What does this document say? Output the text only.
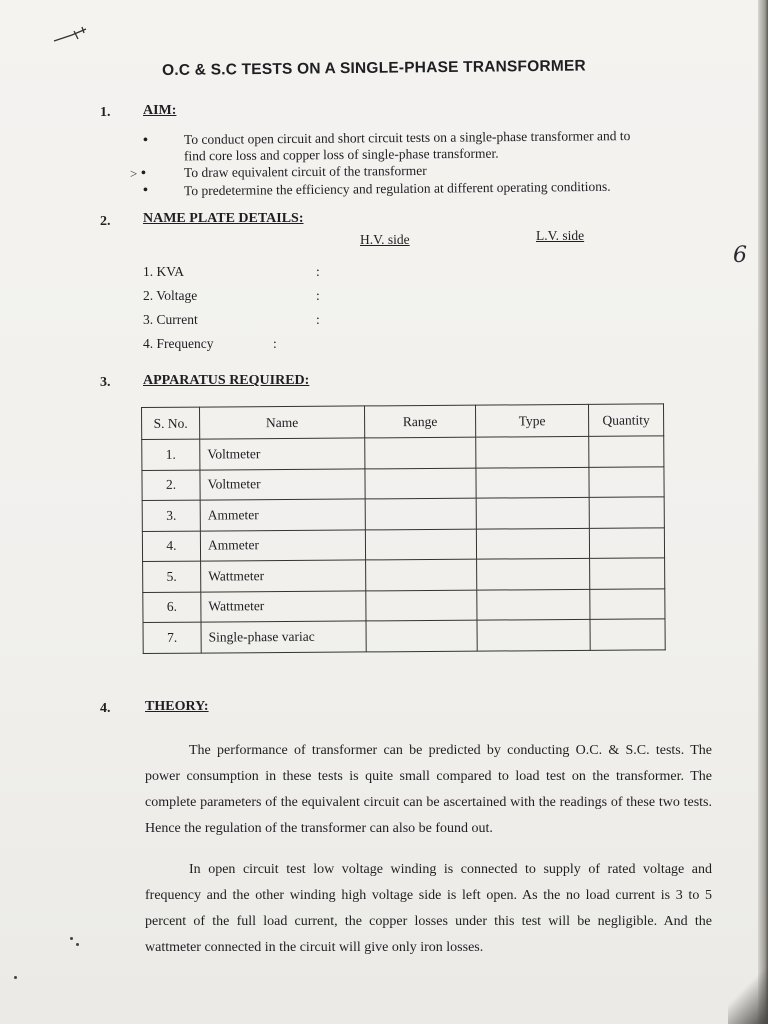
O.C & S.C TESTS ON A SINGLE-PHASE TRANSFORMER
1. AIM:
•	To conduct open circuit and short circuit tests on a single-phase transformer and to
find core loss and copper loss of single-phase transformer.
> •	To draw equivalent circuit of the transformer
•	To predetermine the efficiency and regulation at different operating conditions.
2. NAME PLATE DETAILS:
H.V. side	L.V. side
6
1. KVA	:
2. Voltage	:
3. Current	:
4. Frequency	:
3. APPARATUS REQUIRED:
S. No.	Name	Range	Type	Quantity
1.	Voltmeter			
2.	Voltmeter			
3.	Ammeter			
4.	Ammeter			
5.	Wattmeter			
6.	Wattmeter			
7.	Single-phase variac			
4. THEORY:
The performance of transformer can be predicted by conducting O.C. & S.C. tests. The power consumption in these tests is quite small compared to load test on the transformer. The complete parameters of the equivalent circuit can be ascertained with the readings of these two tests. Hence the regulation of the transformer can also be found out.
In open circuit test low voltage winding is connected to supply of rated voltage and frequency and the other winding high voltage side is left open. As the no load current is 3 to 5 percent of the full load current, the copper losses under this test will be negligible. And the wattmeter connected in the circuit will give only iron losses.
